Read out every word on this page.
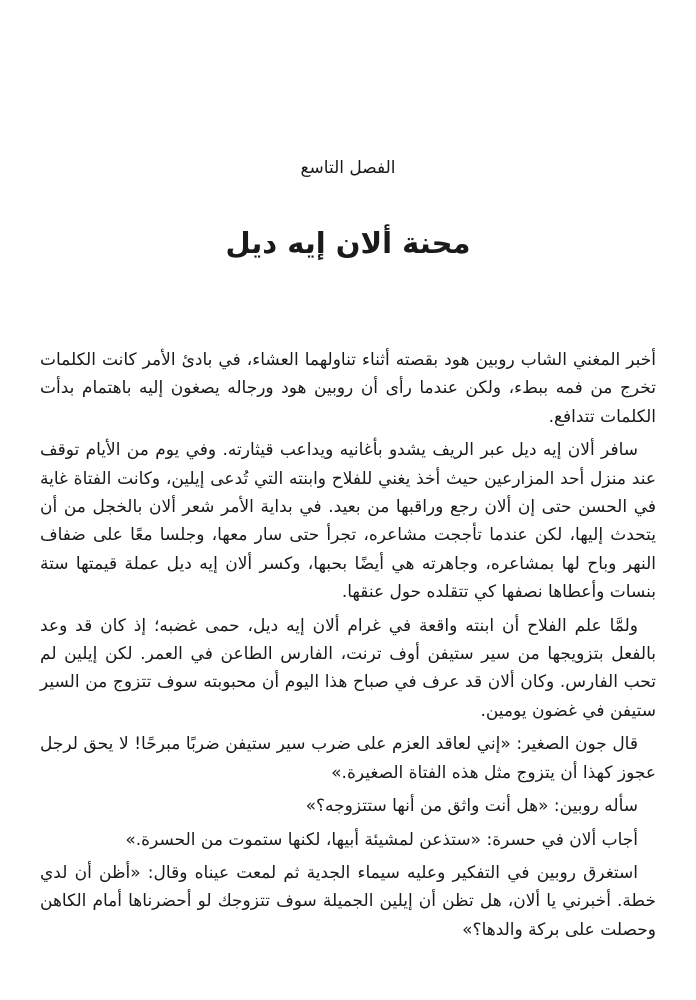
الفصل التاسع
محنة ألان إيه ديل

أخبر المغني الشاب روبين هود بقصته أثناء تناولهما العشاء، في بادئ الأمر كانت الكلمات تخرج من فمه ببطء، ولكن عندما رأى أن روبين هود ورجاله يصغون إليه باهتمام بدأت الكلمات تتدافع.

سافر ألان إيه ديل عبر الريف يشدو بأغانيه ويداعب قيثارته. وفي يوم من الأيام توقف عند منزل أحد المزارعين حيث أخذ يغني للفلاح وابنته التي تُدعى إيلين، وكانت الفتاة غاية في الحسن حتى إن ألان رجع وراقبها من بعيد. في بداية الأمر شعر ألان بالخجل من أن يتحدث إليها، لكن عندما تأججت مشاعره، تجرأ حتى سار معها، وجلسا معًا على ضفاف النهر وباح لها بمشاعره، وجاهرته هي أيضًا بحبها، وكسر ألان إيه ديل عملة قيمتها ستة بنسات وأعطاها نصفها كي تتقلده حول عنقها.

ولمَّا علم الفلاح أن ابنته واقعة في غرام ألان إيه ديل، حمى غضبه؛ إذ كان قد وعد بالفعل بتزويجها من سير ستيفن أوف ترنت، الفارس الطاعن في العمر. لكن إيلين لم تحب الفارس. وكان ألان قد عرف في صباح هذا اليوم أن محبوبته سوف تتزوج من السير ستيفن في غضون يومين.

قال جون الصغير: «إني لعاقد العزم على ضرب سير ستيفن ضربًا مبرحًا! لا يحق لرجل عجوز كهذا أن يتزوج مثل هذه الفتاة الصغيرة.»

سأله روبين: «هل أنت واثق من أنها ستتزوجه؟»

أجاب ألان في حسرة: «ستذعن لمشيئة أبيها، لكنها ستموت من الحسرة.»

استغرق روبين في التفكير وعليه سيماء الجدية ثم لمعت عيناه وقال: «أظن أن لدي خطة. أخبرني يا ألان، هل تظن أن إيلين الجميلة سوف تتزوجك لو أحضرناها أمام الكاهن وحصلت على بركة والدها؟»
